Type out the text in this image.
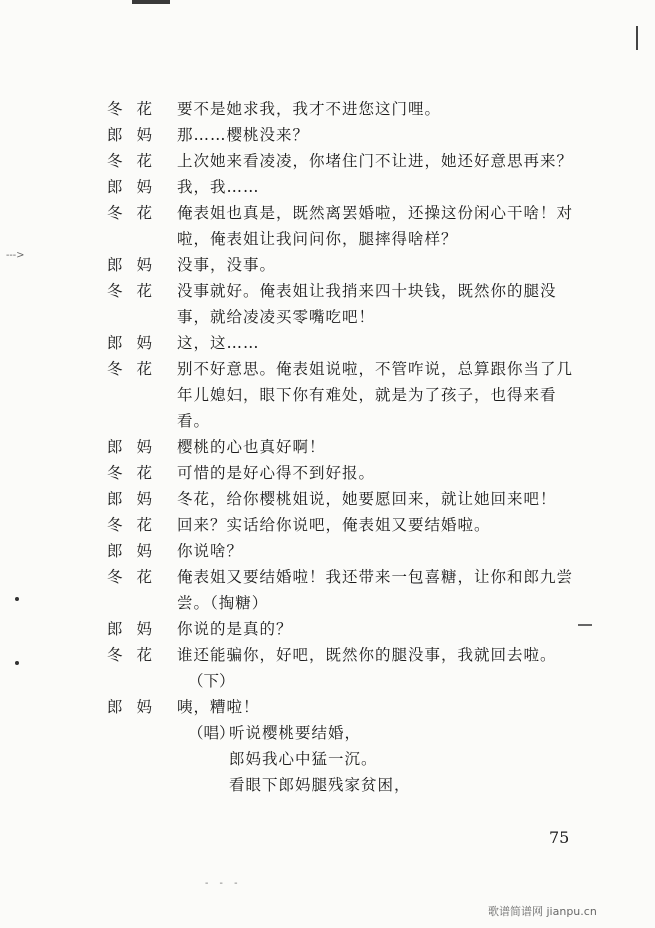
--->
冬花 要不是她求我，我才不进您这门哩。
郎妈 那……樱桃没来？
冬花 上次她来看凌凌，你堵住门不让进，她还好意思再来？
郎妈 我，我……
冬花 俺表姐也真是，既然离罢婚啦，还操这份闲心干啥！对
啦，俺表姐让我问问你，腿摔得啥样？
郎妈 没事，没事。
冬花 没事就好。俺表姐让我捎来四十块钱，既然你的腿没
事，就给凌凌买零嘴吃吧！
郎妈 这，这……
冬花 别不好意思。俺表姐说啦，不管咋说，总算跟你当了几
年儿媳妇，眼下你有难处，就是为了孩子，也得来看
看。
郎妈 樱桃的心也真好啊！
冬花 可惜的是好心得不到好报。
郎妈 冬花，给你樱桃姐说，她要愿回来，就让她回来吧！
冬花 回来？实话给你说吧，俺表姐又要结婚啦。
郎妈 你说啥？
冬花 俺表姐又要结婚啦！我还带来一包喜糖，让你和郎九尝
尝。（掏糖）
郎妈 你说的是真的？
冬花 谁还能骗你，好吧，既然你的腿没事，我就回去啦。
（下）
郎妈 咦，糟啦！
（唱）
听说樱桃要结婚，
郎妈我心中猛一沉。
看眼下郎妈腿残家贫困，
75
- - -
歌谱简谱网 jianpu.cn
